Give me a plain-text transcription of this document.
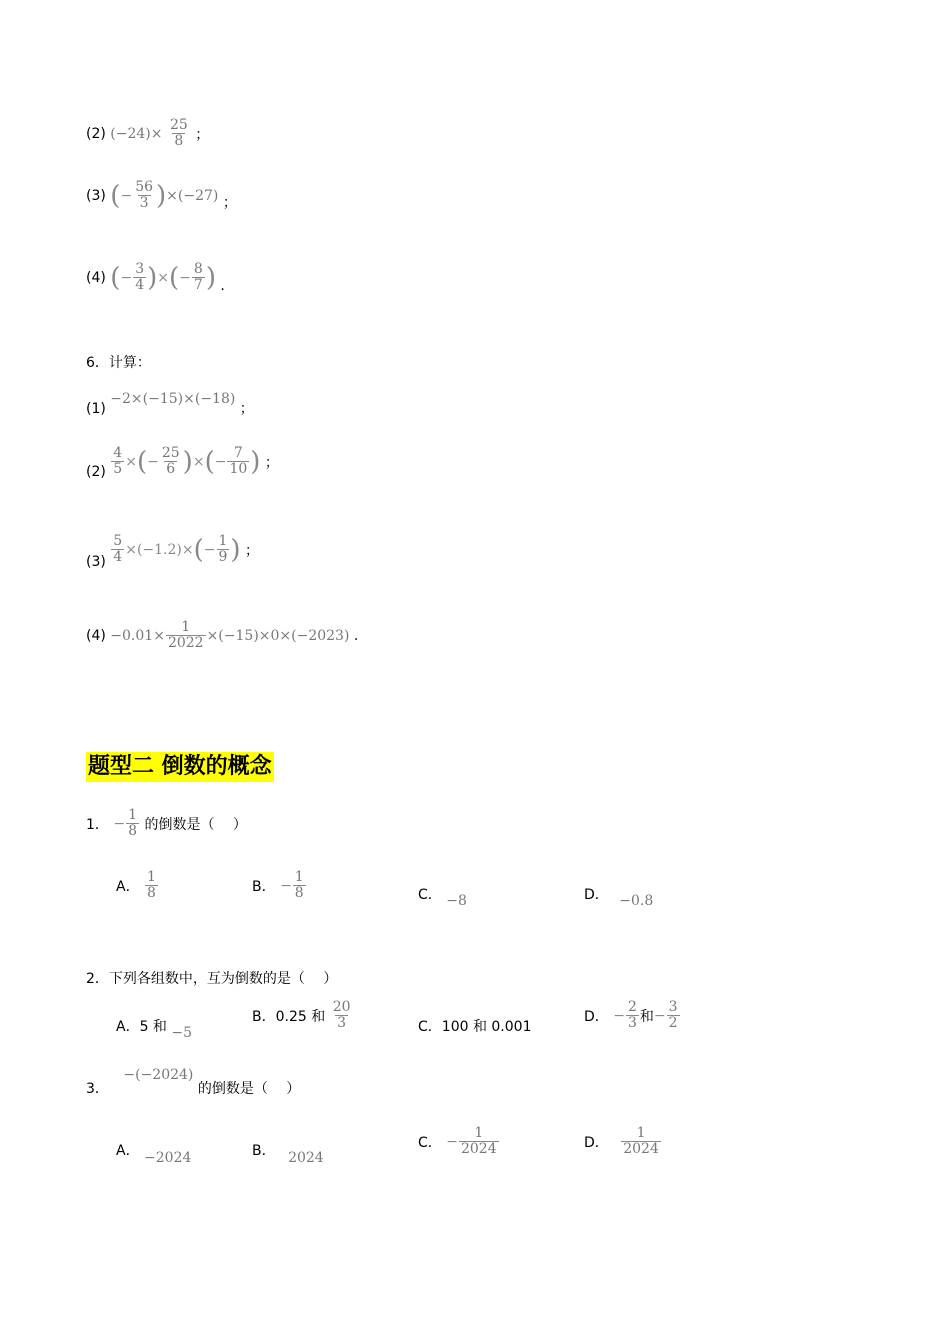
(2) $(-24)\times \frac{25}{8}$ ；
(3) (− $\frac{56}{3} )\times(-27)$ ；
(4) (− $\frac{3}{4}$ )×(− $\frac{8}{7}$ ) .
6．计算：
(1) −2×(−15)×(−18) ；
$(2) \frac{4}{5}$ ×(− $\frac{25}{6}$ )×(− $\frac{7}{10}$ ) ；
$(3) \frac{5}{4} \times(-1.2)\times(- \frac{1}{9}$ ) ；
$(4) -0.01\times \frac{1}{2022} \times(-15)\times 0\times(-2023)$ .
题型二 倒数的概念
1． − $\frac{1}{8}$ 的倒数是（　 ）
A． $\frac{1}{8}$	B． − $\frac{1}{8}$	C． −8	D． −0.8
2．下列各组数中，互为倒数的是（　 ）
A．5 和 −5
B．0.25 和 $\frac{20}{3}$	C．100 和 0.001
D． − $\frac{2}{3}$ 和− $\frac{3}{2}$
3． −(−2024) 的倒数是（　 ）
A． −2024	B． 2024
C． − $\frac{1}{2024}$	D． $\frac{1}{2024}$
